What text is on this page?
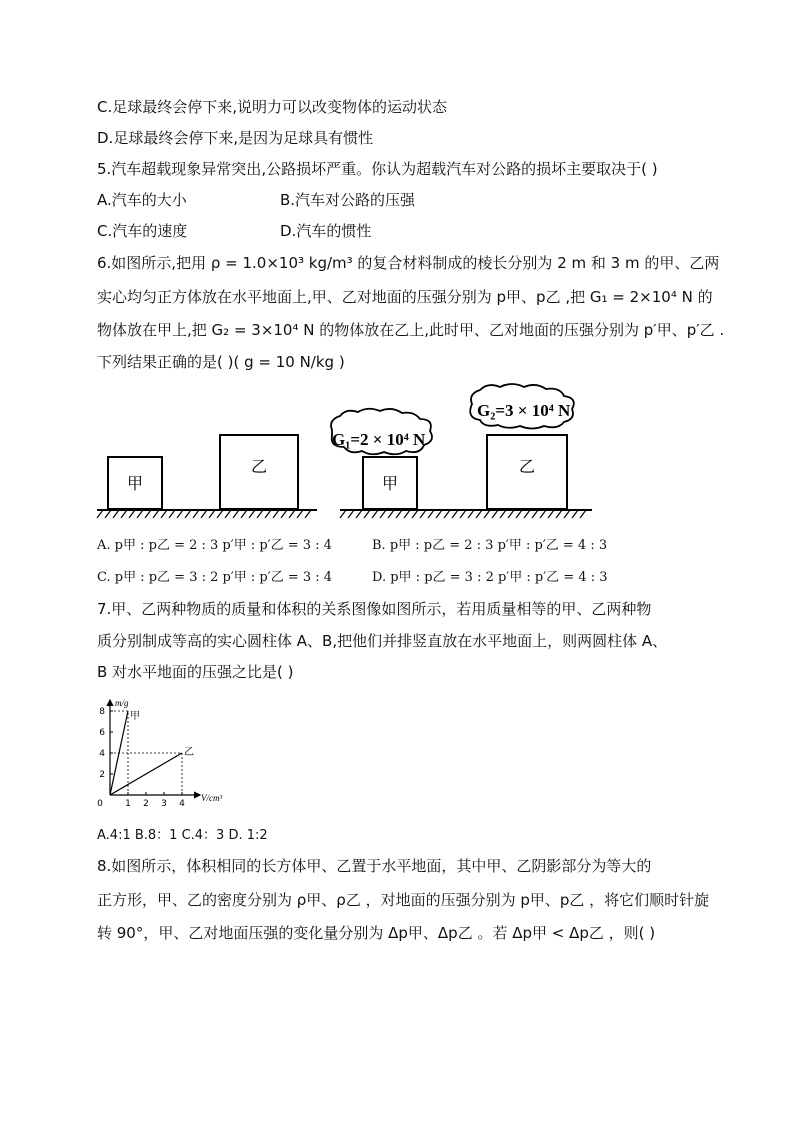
C.足球最终会停下来,说明力可以改变物体的运动状态
D.足球最终会停下来,是因为足球具有惯性
5.汽车超载现象异常突出,公路损坏严重。你认为超载汽车对公路的损坏主要取决于( )
A.汽车的大小	B.汽车对公路的压强
C.汽车的速度	D.汽车的惯性
6.如图所示,把用 ρ = 1.0×10³ kg/m³ 的复合材料制成的棱长分别为 2 m 和 3 m 的甲、乙两
实心均匀正方体放在水平地面上,甲、乙对地面的压强分别为 p甲、p乙 ,把 G₁ = 2×10⁴ N 的
物体放在甲上,把 G₂ = 3×10⁴ N 的物体放在乙上,此时甲、乙对地面的压强分别为 p′甲、p′乙 .
下列结果正确的是( )( g = 10 N/kg )
甲
乙
G₁=2 × 10⁴ N
甲
G₂=3 × 10⁴ N
乙
A. p甲 : p乙 = 2 : 3 p′甲 : p′乙 = 3 : 4	B. p甲 : p乙 = 2 : 3 p′甲 : p′乙 = 4 : 3
C. p甲 : p乙 = 3 : 2 p′甲 : p′乙 = 3 : 4	D. p甲 : p乙 = 3 : 2 p′甲 : p′乙 = 4 : 3
7.甲、乙两种物质的质量和体积的关系图像如图所示，若用质量相等的甲、乙两种物
质分别制成等高的实心圆柱体 A、B,把他们并排竖直放在水平地面上，则两圆柱体 A、
B 对水平地面的压强之比是( )
m/g
V/cm³
0 1 2 3 4
2
4
6
8	甲
乙
A.4:1 B.8：1 C.4：3 D. 1:2
8.如图所示，体积相同的长方体甲、乙置于水平地面，其中甲、乙阴影部分为等大的
正方形，甲、乙的密度分别为 ρ甲、ρ乙 ，对地面的压强分别为 p甲、p乙 ，将它们顺时针旋
转 90°，甲、乙对地面压强的变化量分别为 Δp甲、Δp乙 。若 Δp甲 < Δp乙 ，则( )
